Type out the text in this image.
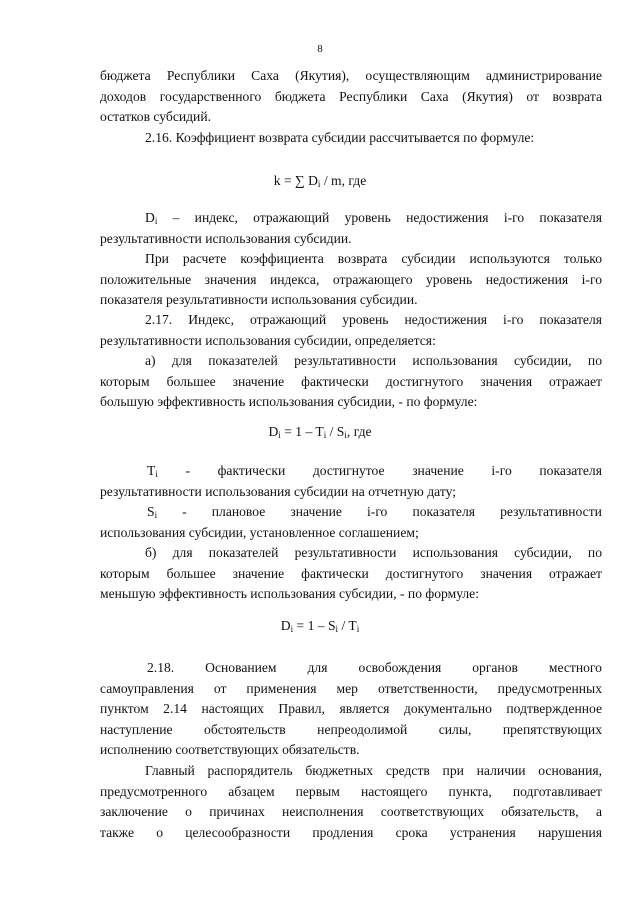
8
бюджета Республики Саха (Якутия), осуществляющим администрирование
доходов государственного бюджета Республики Саха (Якутия) от возврата
остатков субсидий.
2.16. Коэффициент возврата субсидии рассчитывается по формуле:
k = ∑ $D_i$ / m, где
$D_i$ – индекс, отражающий уровень недостижения i-го показателя
результативности использования субсидии.
При расчете коэффициента возврата субсидии используются только
положительные значения индекса, отражающего уровень недостижения i-го
показателя результативности использования субсидии.
2.17. Индекс, отражающий уровень недостижения i-го показателя
результативности использования субсидии, определяется:
а) для показателей результативности использования субсидии, по
которым большее значение фактически достигнутого значения отражает
большую эффективность использования субсидии, - по формуле:
$D_i = 1 - T_i / S_i$, где
$T_i$ - фактически достигнутое значение i-го показателя
результативности использования субсидии на отчетную дату;
$S_i$ - плановое значение i-го показателя результативности
использования субсидии, установленное соглашением;
б) для показателей результативности использования субсидии, по
которым большее значение фактически достигнутого значения отражает
меньшую эффективность использования субсидии, - по формуле:
$D_i = 1 - S_i / T_i$
2.18. Основанием для освобождения органов местного
самоуправления от применения мер ответственности, предусмотренных
пунктом 2.14 настоящих Правил, является документально подтвержденное
наступление обстоятельств непреодолимой силы, препятствующих
исполнению соответствующих обязательств.
Главный распорядитель бюджетных средств при наличии основания,
предусмотренного абзацем первым настоящего пункта, подготавливает
заключение о причинах неисполнения соответствующих обязательств, а
также о целесообразности продления срока устранения нарушения
